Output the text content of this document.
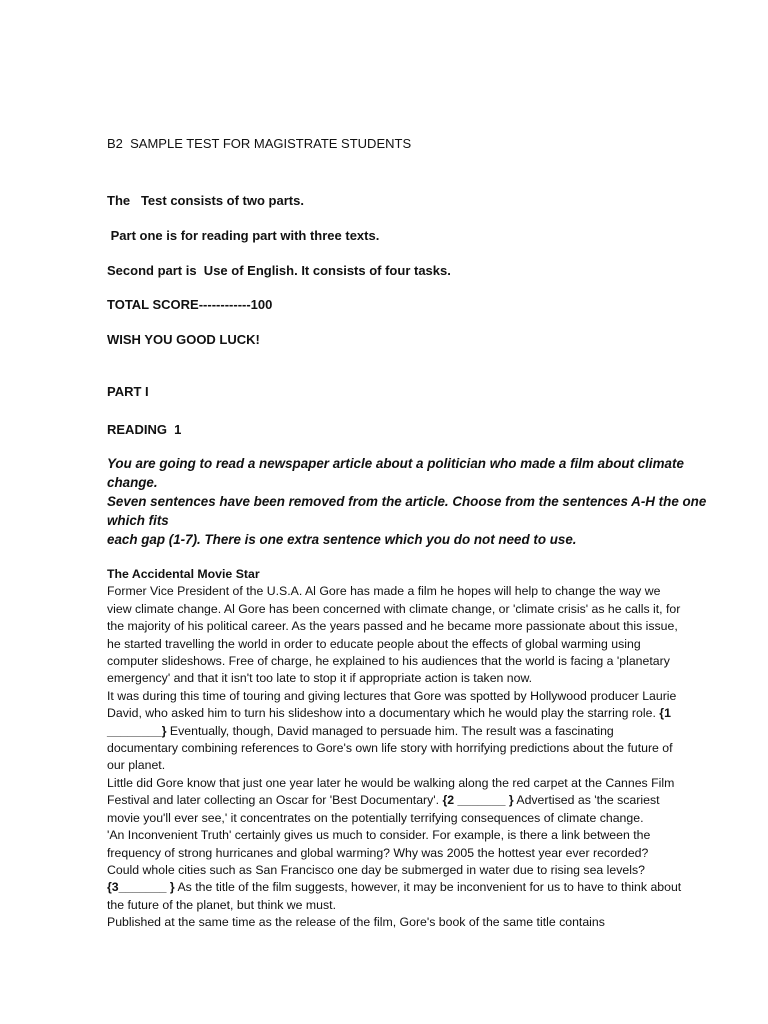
B2  SAMPLE TEST FOR MAGISTRATE STUDENTS

The   Test consists of two parts.

Part one is for reading part with three texts.

Second part is  Use of English. It consists of four tasks.

TOTAL SCORE------------100

WISH YOU GOOD LUCK!

PART I

READING  1

You are going to read a newspaper article about a politician who made a film about climate

change.

Seven sentences have been removed from the article. Choose from the sentences A-H the one

which fits

each gap (1-7). There is one extra sentence which you do not need to use.

The Accidental Movie Star

Former Vice President of the U.S.A. Al Gore has made a film he hopes will help to change the way we view climate change. Al Gore has been concerned with climate change, or 'climate crisis' as he calls it, for the majority of his political career. As the years passed and he became more passionate about this issue, he started travelling the world in order to educate people about the effects of global warming using computer slideshows. Free of charge, he explained to his audiences that the world is facing a 'planetary emergency' and that it isn't too late to stop it if appropriate action is taken now.

It was during this time of touring and giving lectures that Gore was spotted by Hollywood producer Laurie David, who asked him to turn his slideshow into a documentary which he would play the starring role. {1 ________} Eventually, though, David managed to persuade him. The result was a fascinating documentary combining references to Gore's own life story with horrifying predictions about the future of our planet.

Little did Gore know that just one year later he would be walking along the red carpet at the Cannes Film Festival and later collecting an Oscar for 'Best Documentary'. {2 _______ } Advertised as 'the scariest movie you'll ever see,' it concentrates on the potentially terrifying consequences of climate change.

'An Inconvenient Truth' certainly gives us much to consider. For example, is there a link between the frequency of strong hurricanes and global warming? Why was 2005 the hottest year ever recorded? Could whole cities such as San Francisco one day be submerged in water due to rising sea levels? {3_______ } As the title of the film suggests, however, it may be inconvenient for us to have to think about the future of the planet, but think we must.

Published at the same time as the release of the film, Gore's book of the same title contains
